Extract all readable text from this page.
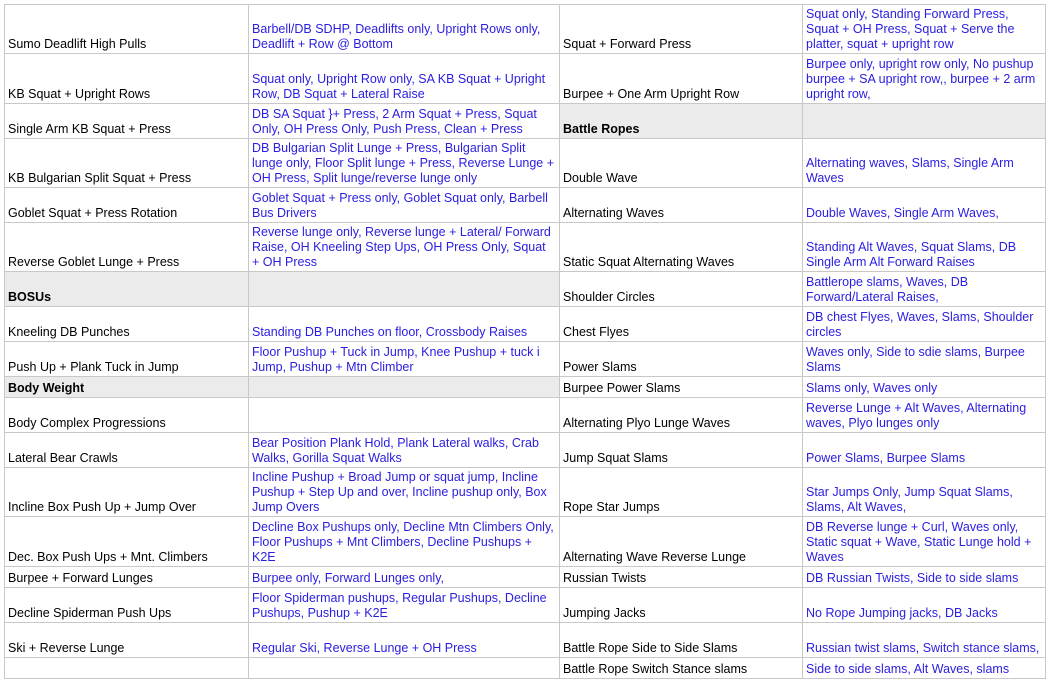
Sumo Deadlift High Pulls	Barbell/DB SDHP, Deadlifts only, Upright Rows only, Deadlift + Row @ Bottom	Squat + Forward Press	Squat only, Standing Forward Press, Squat + OH Press, Squat + Serve the platter, squat + upright row
KB Squat + Upright Rows	Squat only, Upright Row only, SA KB Squat + Upright Row, DB Squat + Lateral Raise	Burpee + One Arm Upright Row	Burpee only, upright row only, No pushup burpee + SA upright row,, burpee + 2 arm upright row,
Single Arm KB Squat + Press	DB SA Squat }+ Press, 2 Arm Squat + Press, Squat Only, OH Press Only, Push Press, Clean + Press	Battle Ropes	
KB Bulgarian Split Squat + Press	DB Bulgarian Split Lunge + Press, Bulgarian Split lunge only, Floor Split lunge + Press, Reverse Lunge + OH Press, Split lunge/reverse lunge only	Double Wave	Alternating waves, Slams, Single Arm Waves
Goblet Squat + Press Rotation	Goblet Squat + Press only, Goblet Squat only, Barbell Bus Drivers	Alternating Waves	Double Waves, Single Arm Waves,
Reverse Goblet Lunge + Press	Reverse lunge only, Reverse lunge + Lateral/ Forward Raise, OH Kneeling Step Ups, OH Press Only, Squat + OH Press	Static Squat Alternating Waves	Standing Alt Waves, Squat Slams, DB Single Arm Alt Forward Raises
BOSUs		Shoulder Circles	Battlerope slams, Waves, DB Forward/Lateral Raises,
Kneeling DB Punches	Standing DB Punches on floor, Crossbody Raises	Chest Flyes	DB chest Flyes, Waves, Slams, Shoulder circles
Push Up + Plank Tuck in Jump	Floor Pushup + Tuck in Jump, Knee Pushup + tuck i Jump, Pushup + Mtn Climber	Power Slams	Waves only, Side to sdie slams, Burpee Slams
Body Weight		Burpee Power Slams	Slams only, Waves only
Body Complex Progressions		Alternating Plyo Lunge Waves	Reverse Lunge + Alt Waves, Alternating waves, Plyo lunges only
Lateral Bear Crawls	Bear Position Plank Hold, Plank Lateral walks, Crab Walks, Gorilla Squat Walks	Jump Squat Slams	Power Slams, Burpee Slams
Incline Box Push Up + Jump Over	Incline Pushup + Broad Jump or squat jump, Incline Pushup + Step Up and over, Incline pushup only, Box Jump Overs	Rope Star Jumps	Star Jumps Only, Jump Squat Slams, Slams, Alt Waves,
Dec. Box Push Ups + Mnt. Climbers	Decline Box Pushups only, Decline Mtn Climbers Only, Floor Pushups + Mnt Climbers, Decline Pushups + K2E	Alternating Wave Reverse Lunge	DB Reverse lunge + Curl, Waves only, Static squat + Wave, Static Lunge hold + Waves
Burpee + Forward Lunges	Burpee only, Forward Lunges only,	Russian Twists	DB Russian Twists, Side to side slams
Decline Spiderman Push Ups	Floor Spiderman pushups, Regular Pushups, Decline Pushups, Pushup + K2E	Jumping Jacks	No Rope Jumping jacks, DB Jacks
Ski + Reverse Lunge	Regular Ski, Reverse Lunge + OH Press	Battle Rope Side to Side Slams	Russian twist slams, Switch stance slams,
		Battle Rope Switch Stance slams	Side to side slams, Alt Waves, slams
